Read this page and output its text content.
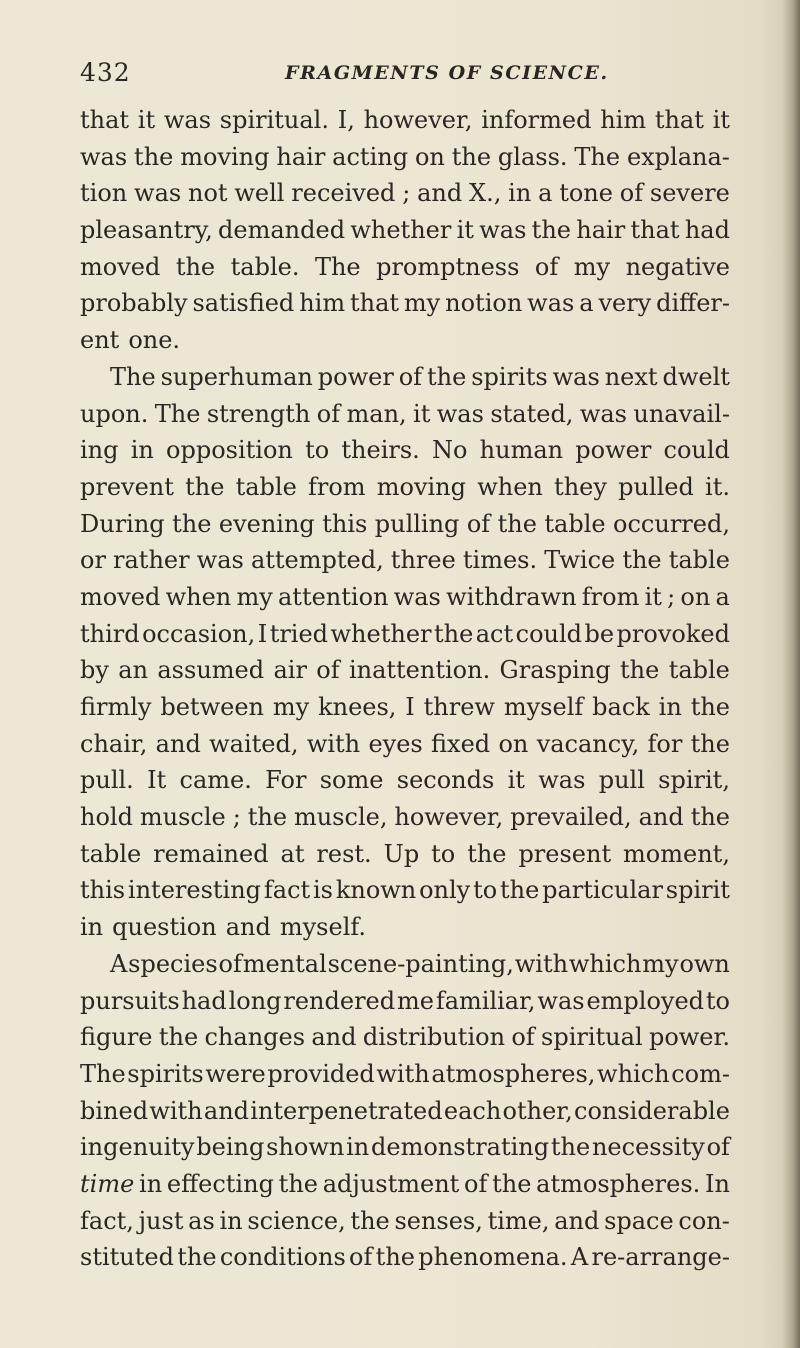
432	FRAGMENTS OF SCIENCE.
that it was spiritual. I, however, informed him that it
was the moving hair acting on the glass. The explana-
tion was not well received ; and X., in a tone of severe
pleasantry, demanded whether it was the hair that had
moved the table. The promptness of my negative
probably satisfied him that my notion was a very differ-
ent one.
The superhuman power of the spirits was next dwelt
upon. The strength of man, it was stated, was unavail-
ing in opposition to theirs. No human power could
prevent the table from moving when they pulled it.
During the evening this pulling of the table occurred,
or rather was attempted, three times. Twice the table
moved when my attention was withdrawn from it ; on a
third occasion, I tried whether the act could be provoked
by an assumed air of inattention. Grasping the table
firmly between my knees, I threw myself back in the
chair, and waited, with eyes fixed on vacancy, for the
pull. It came. For some seconds it was pull spirit,
hold muscle ; the muscle, however, prevailed, and the
table remained at rest. Up to the present moment,
this interesting fact is known only to the particular spirit
in question and myself.
A species of mental scene-painting, with which my own
pursuits had long rendered me familiar, was employed to
figure the changes and distribution of spiritual power.
The spirits were provided with atmospheres, which com-
bined with and interpenetrated each other, considerable
ingenuity being shown in demonstrating the necessity of
time in effecting the adjustment of the atmospheres. In
fact, just as in science, the senses, time, and space con-
stituted the conditions of the phenomena. A re-arrange-
